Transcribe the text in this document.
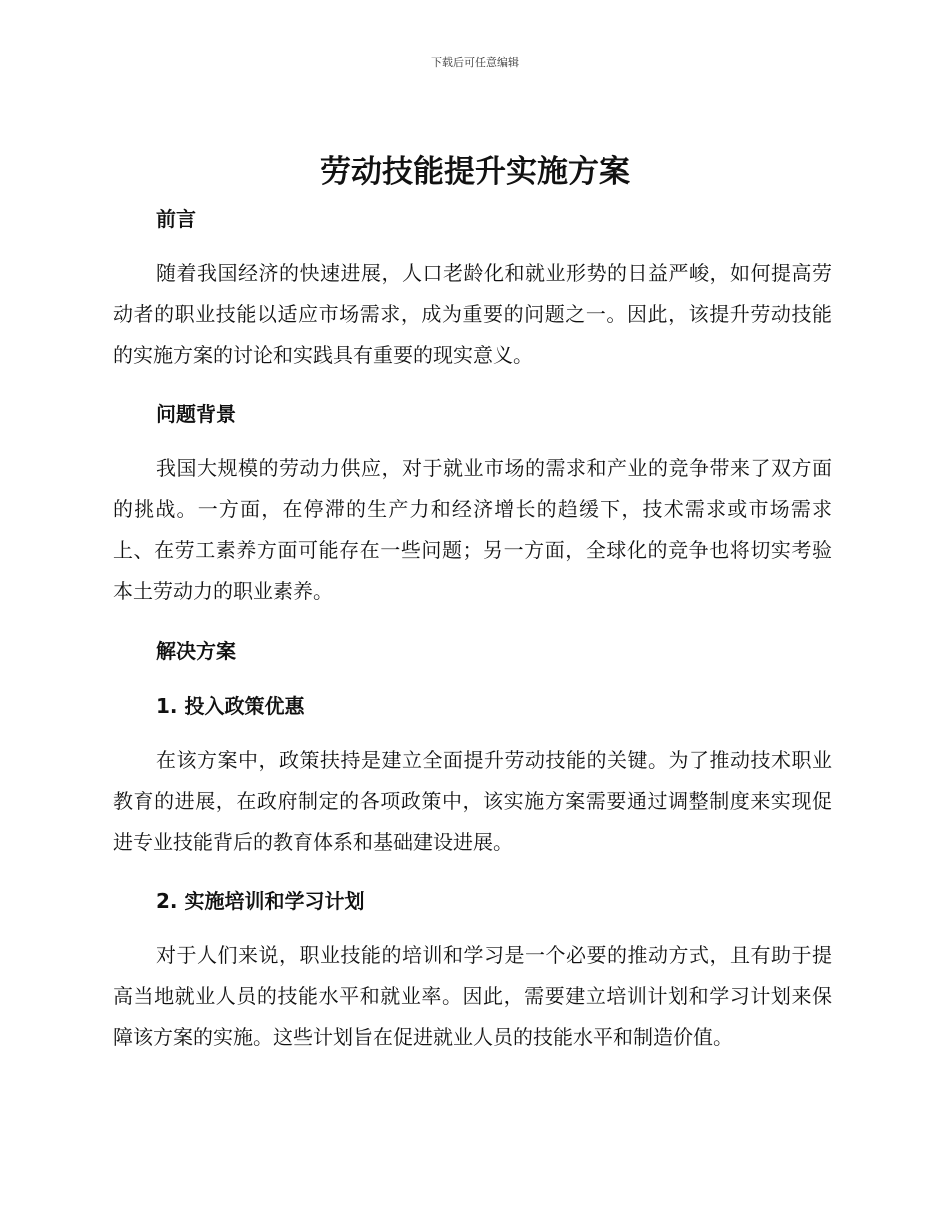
下载后可任意编辑
劳动技能提升实施方案
前言

随着我国经济的快速进展，人口老龄化和就业形势的日益严峻，如何提高劳动者的职业技能以适应市场需求，成为重要的问题之一。因此，该提升劳动技能的实施方案的讨论和实践具有重要的现实意义。

问题背景

我国大规模的劳动力供应，对于就业市场的需求和产业的竞争带来了双方面的挑战。一方面，在停滞的生产力和经济增长的趋缓下，技术需求或市场需求上、在劳工素养方面可能存在一些问题；另一方面，全球化的竞争也将切实考验本土劳动力的职业素养。

解决方案
1. 投入政策优惠

在该方案中，政策扶持是建立全面提升劳动技能的关键。为了推动技术职业教育的进展，在政府制定的各项政策中，该实施方案需要通过调整制度来实现促进专业技能背后的教育体系和基础建设进展。

2. 实施培训和学习计划

对于人们来说，职业技能的培训和学习是一个必要的推动方式，且有助于提高当地就业人员的技能水平和就业率。因此，需要建立培训计划和学习计划来保障该方案的实施。这些计划旨在促进就业人员的技能水平和制造价值。
